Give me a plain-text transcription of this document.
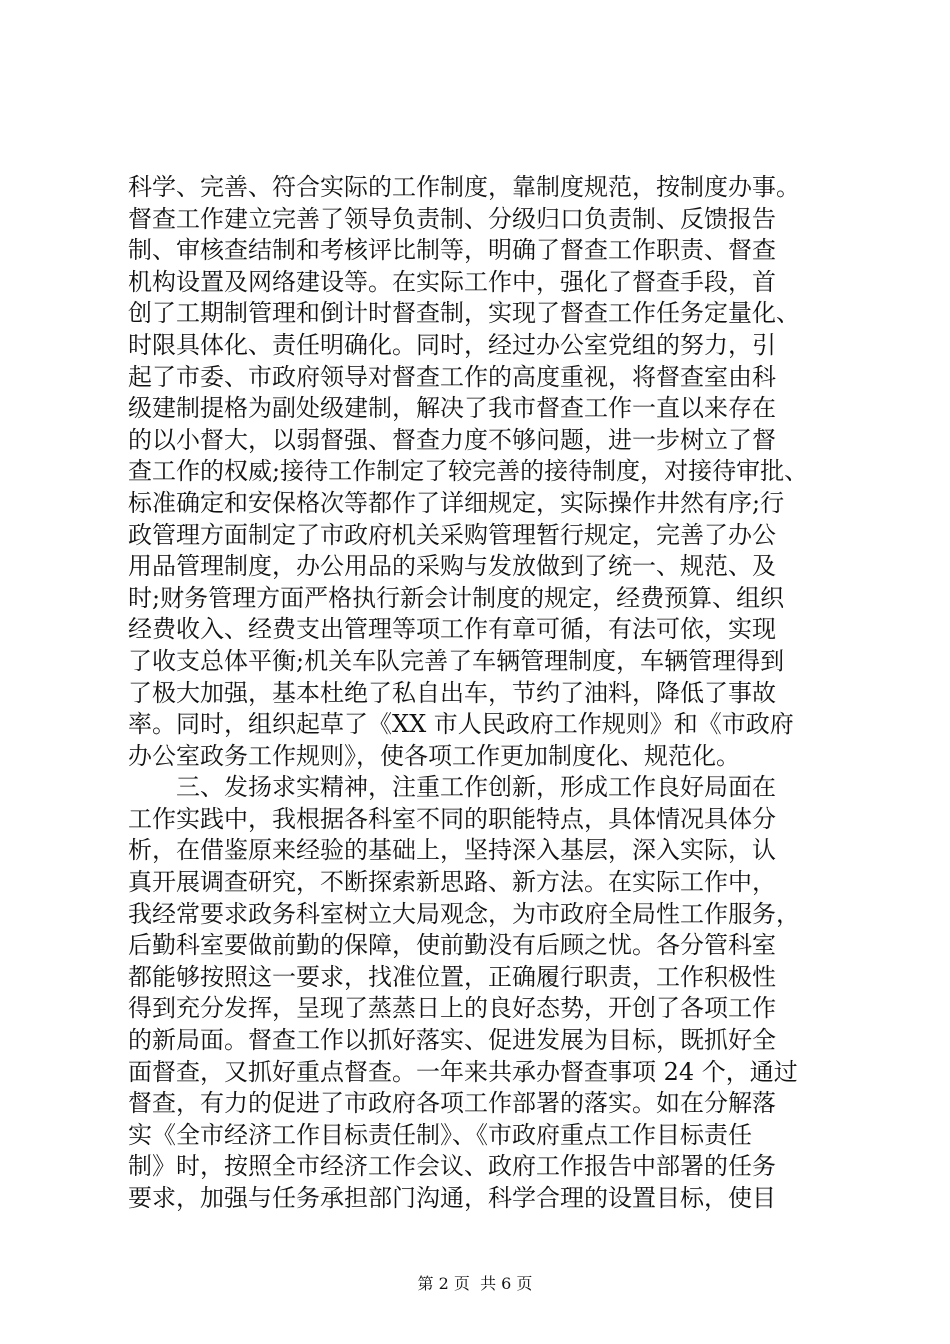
科学、完善、符合实际的工作制度，靠制度规范，按制度办事。
督查工作建立完善了领导负责制、分级归口负责制、反馈报告
制、审核查结制和考核评比制等，明确了督查工作职责、督查
机构设置及网络建设等。在实际工作中，强化了督查手段，首
创了工期制管理和倒计时督查制，实现了督查工作任务定量化、
时限具体化、责任明确化。同时，经过办公室党组的努力，引
起了市委、市政府领导对督查工作的高度重视，将督查室由科
级建制提格为副处级建制，解决了我市督查工作一直以来存在
的以小督大，以弱督强、督查力度不够问题，进一步树立了督
查工作的权威;接待工作制定了较完善的接待制度，对接待审批、
标准确定和安保格次等都作了详细规定，实际操作井然有序;行
政管理方面制定了市政府机关采购管理暂行规定，完善了办公
用品管理制度，办公用品的采购与发放做到了统一、规范、及
时;财务管理方面严格执行新会计制度的规定，经费预算、组织
经费收入、经费支出管理等项工作有章可循，有法可依，实现
了收支总体平衡;机关车队完善了车辆管理制度，车辆管理得到
了极大加强，基本杜绝了私自出车，节约了油料，降低了事故
率。同时，组织起草了《XX 市人民政府工作规则》和《市政府
办公室政务工作规则》，使各项工作更加制度化、规范化。
　　三、发扬求实精神，注重工作创新，形成工作良好局面在
工作实践中，我根据各科室不同的职能特点，具体情况具体分
析，在借鉴原来经验的基础上，坚持深入基层，深入实际，认
真开展调查研究，不断探索新思路、新方法。在实际工作中，
我经常要求政务科室树立大局观念，为市政府全局性工作服务，
后勤科室要做前勤的保障，使前勤没有后顾之忧。各分管科室
都能够按照这一要求，找准位置，正确履行职责，工作积极性
得到充分发挥，呈现了蒸蒸日上的良好态势，开创了各项工作
的新局面。督查工作以抓好落实、促进发展为目标，既抓好全
面督查，又抓好重点督查。一年来共承办督查事项 24 个，通过
督查，有力的促进了市政府各项工作部署的落实。如在分解落
实《全市经济工作目标责任制》、《市政府重点工作目标责任
制》时，按照全市经济工作会议、政府工作报告中部署的任务
要求，加强与任务承担部门沟通，科学合理的设置目标，使目
第 2 页  共 6 页
